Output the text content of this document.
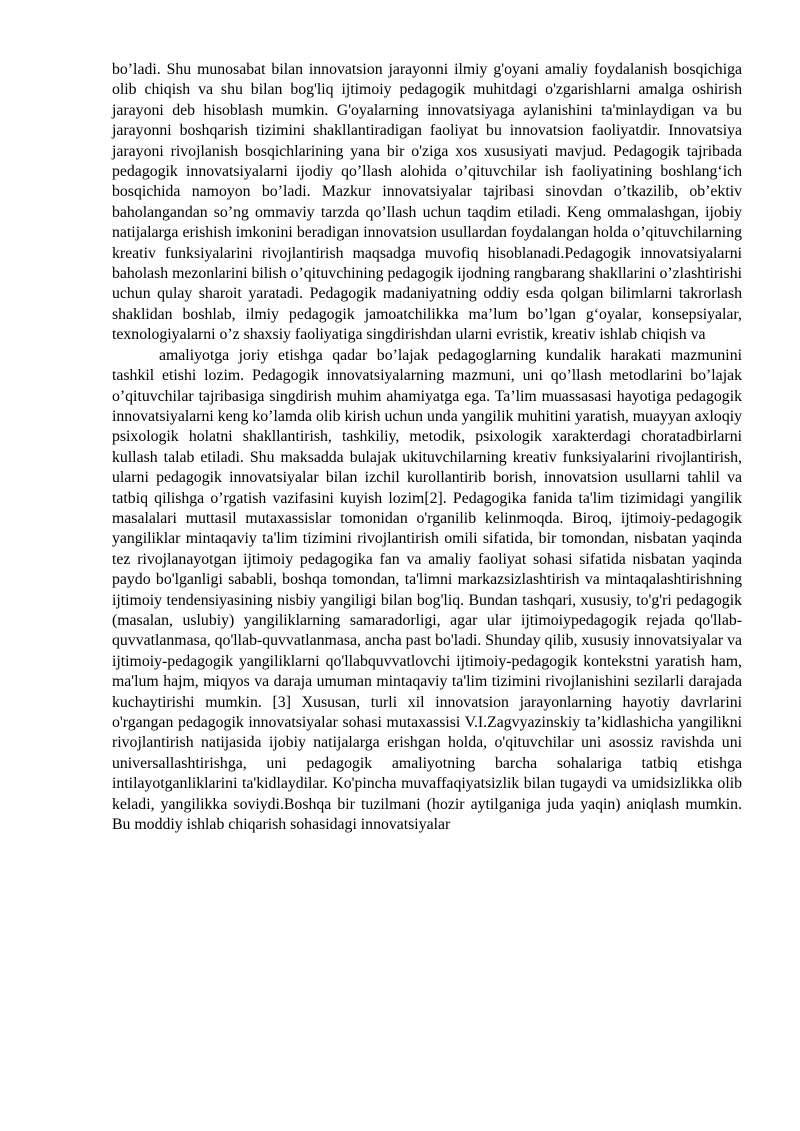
bo’ladi. Shu munosabat bilan innovatsion jarayonni ilmiy g'oyani amaliy foydalanish bosqichiga olib chiqish va shu bilan bog'liq ijtimoiy pedagogik muhitdagi o'zgarishlarni amalga oshirish jarayoni deb hisoblash mumkin. G'oyalarning innovatsiyaga aylanishini ta'minlaydigan va bu jarayonni boshqarish tizimini shakllantiradigan faoliyat bu innovatsion faoliyatdir. Innovatsiya jarayoni rivojlanish bosqichlarining yana bir o'ziga xos xususiyati mavjud. Pedagogik tajribada pedagogik innovatsiyalarni ijodiy qo’llash alohida o’qituvchilar ish faoliyatining boshlang‘ich bosqichida namoyon bo’ladi. Mazkur innovatsiyalar tajribasi sinovdan o’tkazilib, ob’ektiv baholangandan so’ng ommaviy tarzda qo’llash uchun taqdim etiladi. Keng ommalashgan, ijobiy natijalarga erishish imkonini beradigan innovatsion usullardan foydalangan holda o’qituvchilarning kreativ funksiyalarini rivojlantirish maqsadga muvofiq hisoblanadi.Pedagogik innovatsiyalarni baholash mezonlarini bilish o’qituvchining pedagogik ijodning rangbarang shakllarini o’zlashtirishi uchun qulay sharoit yaratadi. Pedagogik madaniyatning oddiy esda qolgan bilimlarni takrorlash shaklidan boshlab, ilmiy pedagogik jamoatchilikka ma’lum bo’lgan g‘oyalar, konsepsiyalar, texnologiyalarni o’z shaxsiy faoliyatiga singdirishdan ularni evristik, kreativ ishlab chiqish va

amaliyotga joriy etishga qadar bo’lajak pedagoglarning kundalik harakati mazmunini tashkil etishi lozim. Pedagogik innovatsiyalarning mazmuni, uni qo’llash metodlarini bo’lajak o’qituvchilar tajribasiga singdirish muhim ahamiyatga ega. Ta’lim muassasasi hayotiga pedagogik innovatsiyalarni keng ko’lamda olib kirish uchun unda yangilik muhitini yaratish, muayyan axloqiy psixologik holatni shakllantirish, tashkiliy, metodik, psixologik xarakterdagi choratadbirlarni kullash talab etiladi. Shu maksadda bulajak ukituvchilarning kreativ funksiyalarini rivojlantirish, ularni pedagogik innovatsiyalar bilan izchil kurollantirib borish, innovatsion usullarni tahlil va tatbiq qilishga o’rgatish vazifasini kuyish lozim[2]. Pedagogika fanida ta'lim tizimidagi yangilik masalalari muttasil mutaxassislar tomonidan o'rganilib kelinmoqda. Biroq, ijtimoiy-pedagogik yangiliklar mintaqaviy ta'lim tizimini rivojlantirish omili sifatida, bir tomondan, nisbatan yaqinda tez rivojlanayotgan ijtimoiy pedagogika fan va amaliy faoliyat sohasi sifatida nisbatan yaqinda paydo bo'lganligi sababli, boshqa tomondan, ta'limni markazsizlashtirish va mintaqalashtirishning ijtimoiy tendensiyasining nisbiy yangiligi bilan bog'liq. Bundan tashqari, xususiy, to'g'ri pedagogik (masalan, uslubiy) yangiliklarning samaradorligi, agar ular ijtimoiypedagogik rejada qo'llab-quvvatlanmasa, qo'llab-quvvatlanmasa, ancha past bo'ladi. Shunday qilib, xususiy innovatsiyalar va ijtimoiy-pedagogik yangiliklarni qo'llabquvvatlovchi ijtimoiy-pedagogik kontekstni yaratish ham, ma'lum hajm, miqyos va daraja umuman mintaqaviy ta'lim tizimini rivojlanishini sezilarli darajada kuchaytirishi mumkin. [3] Xususan, turli xil innovatsion jarayonlarning hayotiy davrlarini o'rgangan pedagogik innovatsiyalar sohasi mutaxassisi V.I.Zagvyazinskiy ta’kidlashicha yangilikni rivojlantirish natijasida ijobiy natijalarga erishgan holda, o'qituvchilar uni asossiz ravishda uni universallashtirishga, uni pedagogik amaliyotning barcha sohalariga tatbiq etishga intilayotganliklarini ta'kidlaydilar. Ko'pincha muvaffaqiyatsizlik bilan tugaydi va umidsizlikka olib keladi, yangilikka soviydi.Boshqa bir tuzilmani (hozir aytilganiga juda yaqin) aniqlash mumkin. Bu moddiy ishlab chiqarish sohasidagi innovatsiyalar
